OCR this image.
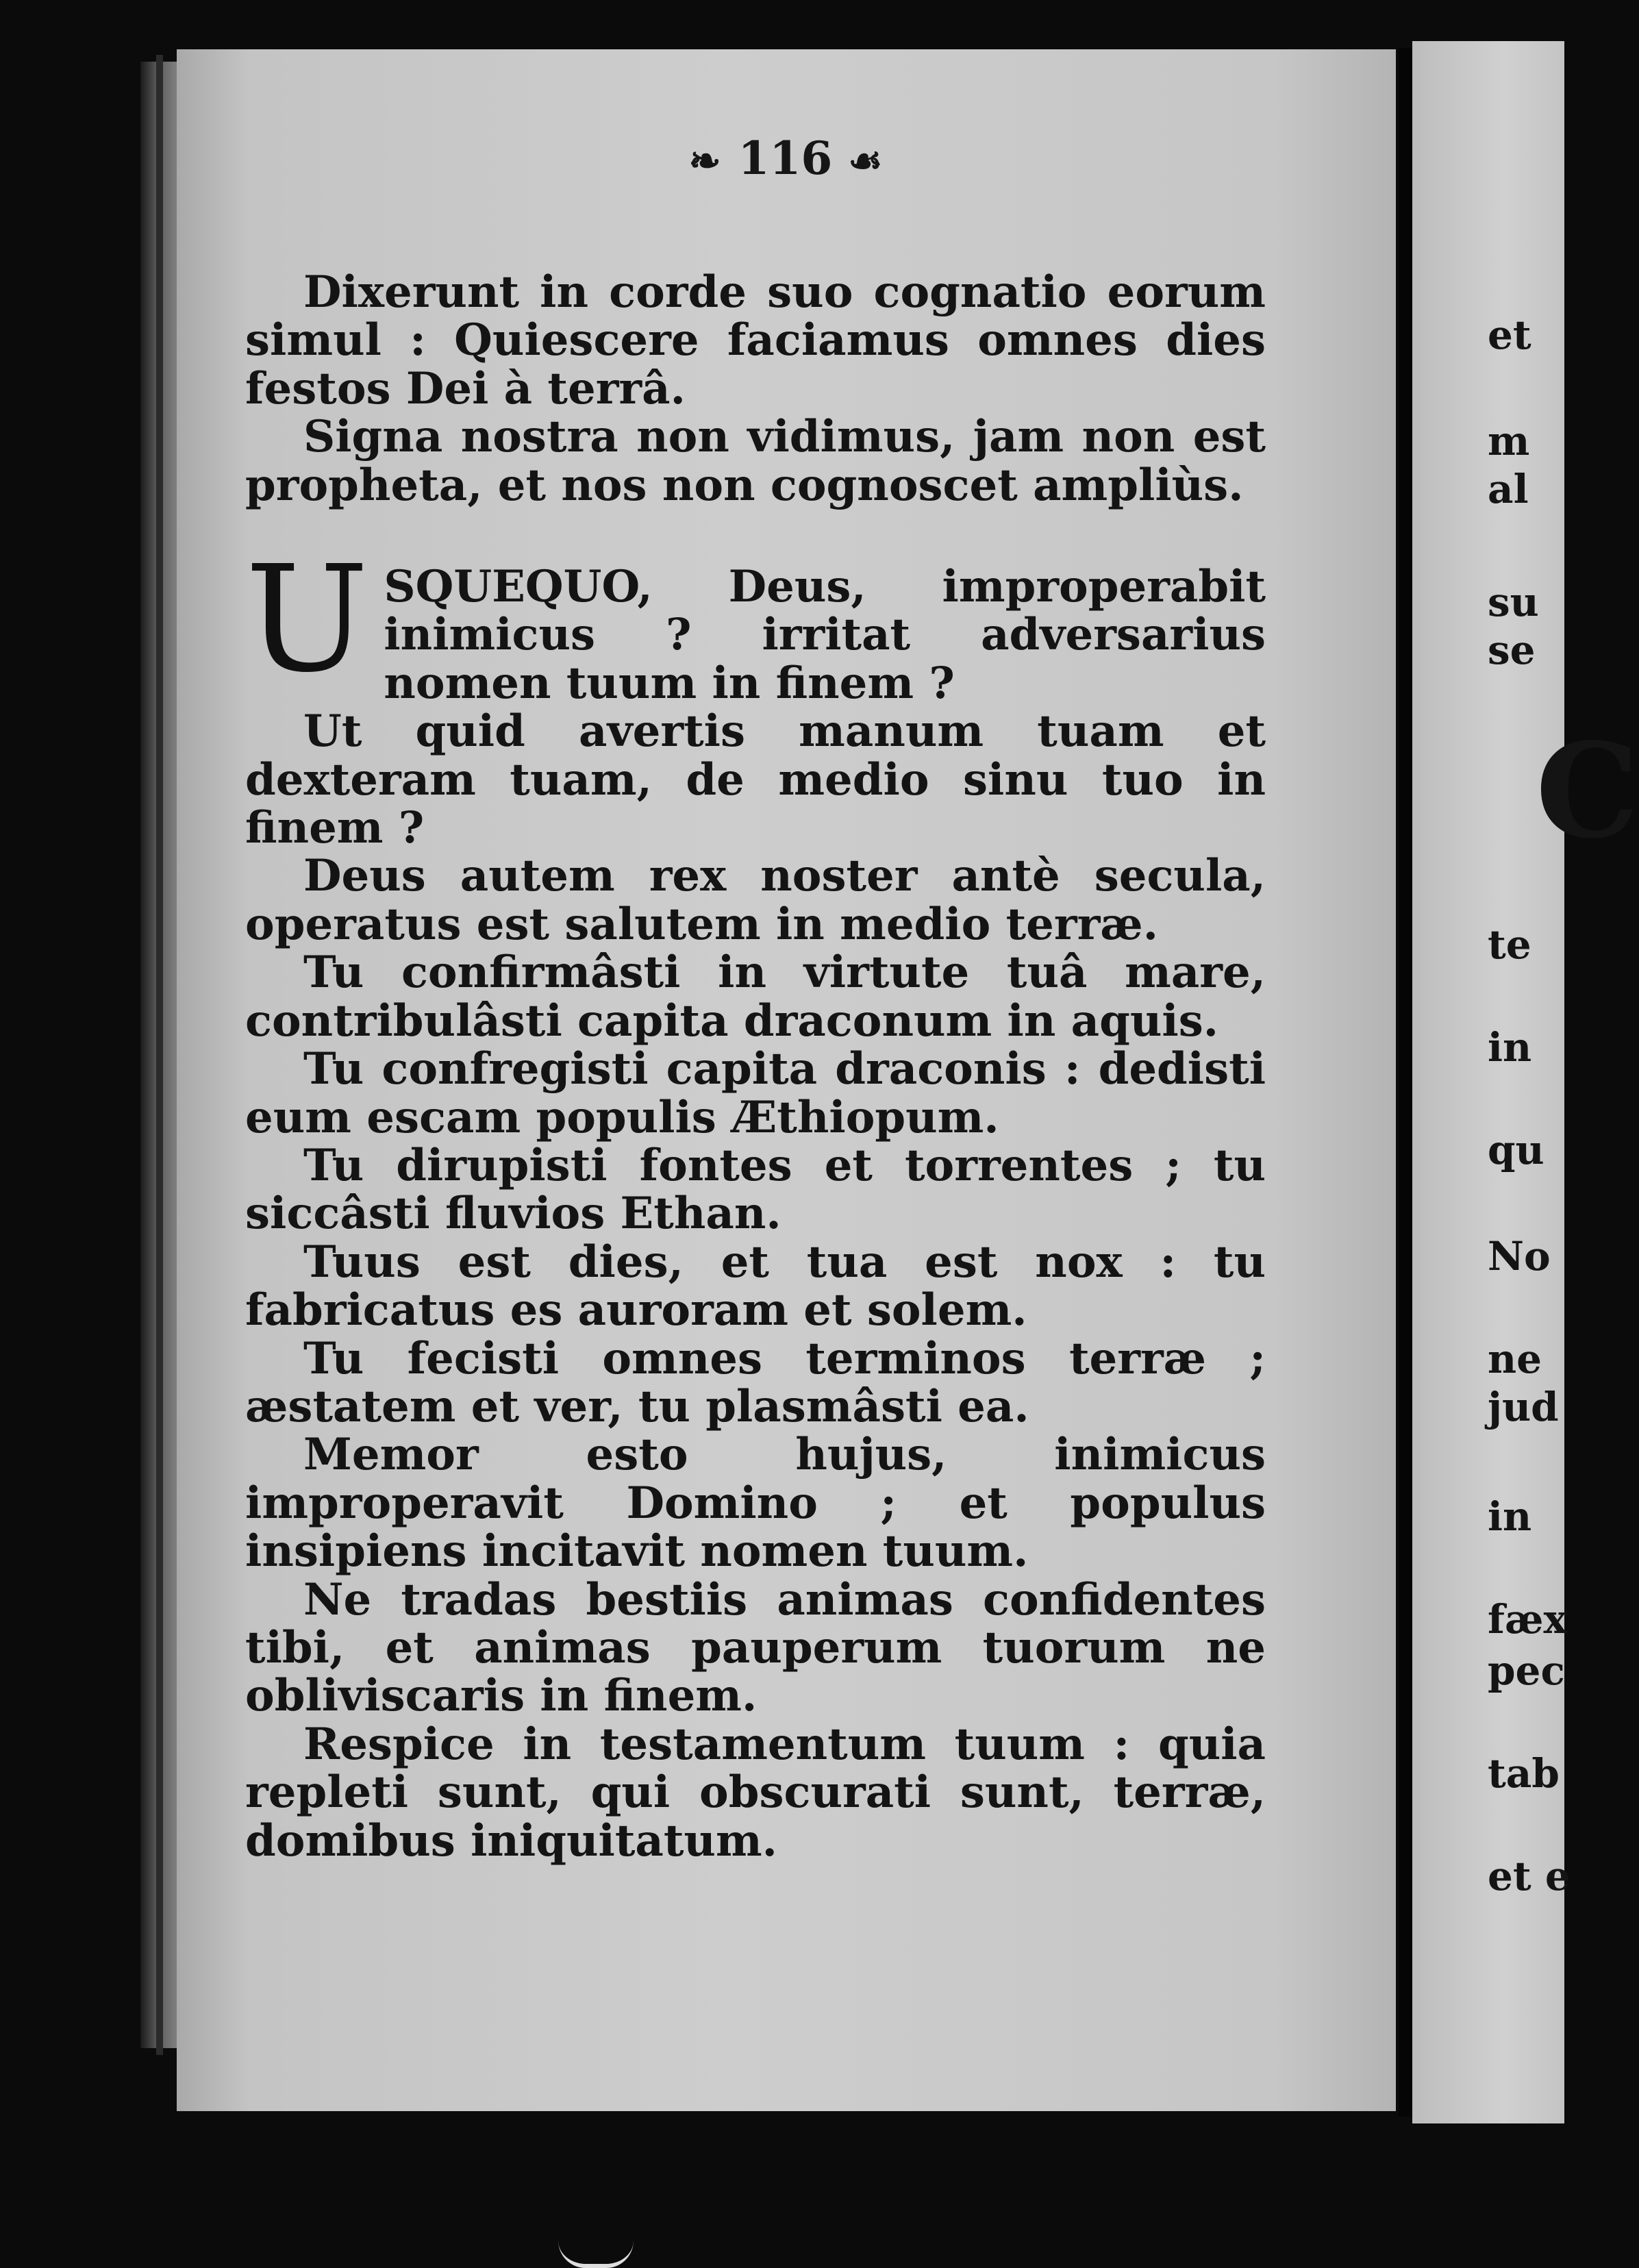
❧ 116 ☙

Dixerunt in corde suo cognatio eorum simul : Quiescere faciamus omnes dies festos Dei à terrâ.

Signa nostra non vidimus, jam non est propheta, et nos non cognoscet ampliùs.

USQUEQUO, Deus, improperabit inimicus ? irritat adversarius nomen tuum in finem ?

Ut quid avertis manum tuam et dexteram tuam, de medio sinu tuo in finem ?

Deus autem rex noster antè secula, operatus est salutem in medio terræ.

Tu confirmâsti in virtute tuâ mare, contribulâsti capita draconum in aquis.

Tu confregisti capita draconis : dedisti eum escam populis Æthiopum.

Tu dirupisti fontes et torrentes ; tu siccâsti fluvios Ethan.

Tuus est dies, et tua est nox : tu fabricatus es auroram et solem.

Tu fecisti omnes terminos terræ ; æstatem et ver, tu plasmâsti ea.

Memor esto hujus, inimicus improperavit Domino ; et populus insipiens incitavit nomen tuum.

Ne tradas bestiis animas confidentes tibi, et animas pauperum tuorum ne obliviscaris in finem.

Respice in testamentum tuum : quia repleti sunt, qui obscurati sunt, terræ, domibus iniquitatum.

et
m
al
su
se
C
te
in
qu
No
ne
jud
in
fæx
pec
tab
et e
